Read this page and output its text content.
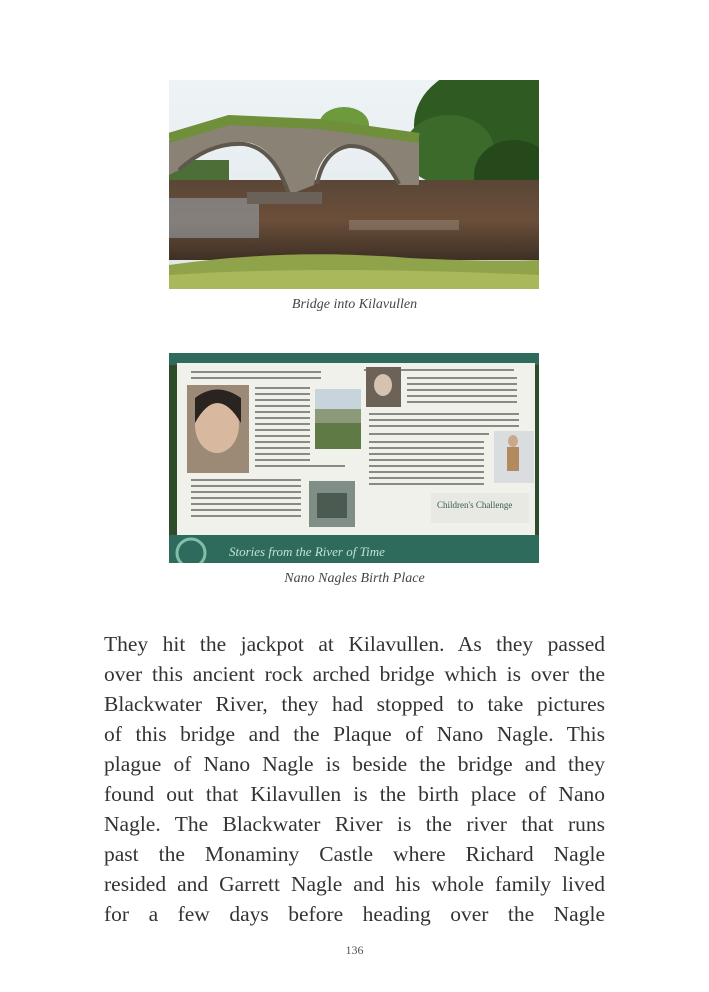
Bridge into Kilavullen
Children's Challenge
Stories from the River of Time
Nano Nagles Birth Place
They hit the jackpot at Kilavullen. As they passed
over this ancient rock arched bridge which is over the
Blackwater River, they had stopped to take pictures
of this bridge and the Plaque of Nano Nagle. This
plague of Nano Nagle is beside the bridge and they
found out that Kilavullen is the birth place of Nano
Nagle. The Blackwater River is the river that runs
past the Monaminy Castle where Richard Nagle
resided and Garrett Nagle and his whole family lived
for a few days before heading over the Nagle
136
